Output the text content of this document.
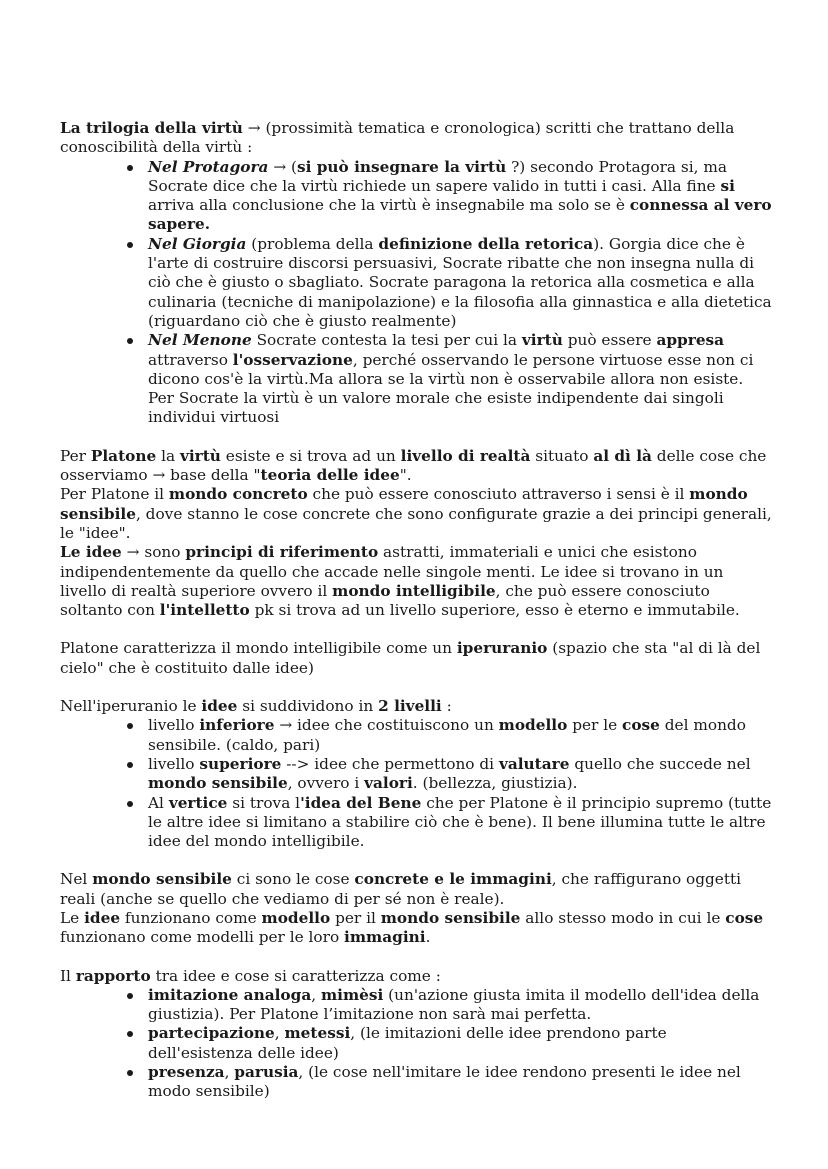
La trilogia della virtù → (prossimità tematica e cronologica) scritti che trattano della conoscibilità della virtù :

Nel Protagora → (si può insegnare la virtù ?) secondo Protagora si, ma Socrate dice che la virtù richiede un sapere valido in tutti i casi. Alla fine si arriva alla conclusione che la virtù è insegnabile ma solo se è connessa al vero sapere.
Nel Giorgia (problema della definizione della retorica). Gorgia dice che è l'arte di costruire discorsi persuasivi, Socrate ribatte che non insegna nulla di ciò che è giusto o sbagliato. Socrate paragona la retorica alla cosmetica e alla culinaria (tecniche di manipolazione) e la filosofia alla ginnastica e alla dietetica (riguardano ciò che è giusto realmente)
Nel Menone Socrate contesta la tesi per cui la virtù può essere appresa attraverso l'osservazione, perché osservando le persone virtuose esse non ci dicono cos'è la virtù.Ma allora se la virtù non è osservabile allora non esiste. Per Socrate la virtù è un valore morale che esiste indipendente dai singoli individui virtuosi

Per Platone la virtù esiste e si trova ad un livello di realtà situato al dì là delle cose che osserviamo → base della "teoria delle idee".

Per Platone il mondo concreto che può essere conosciuto attraverso i sensi è il mondo sensibile, dove stanno le cose concrete che sono configurate grazie a dei principi generali, le "idee".

Le idee → sono principi di riferimento astratti, immateriali e unici che esistono indipendentemente da quello che accade nelle singole menti. Le idee si trovano in un livello di realtà superiore ovvero il mondo intelligibile, che può essere conosciuto soltanto con l'intelletto pk si trova ad un livello superiore, esso è eterno e immutabile.

Platone caratterizza il mondo intelligibile come un iperuranio (spazio che sta "al di là del cielo" che è costituito dalle idee)

Nell'iperuranio le idee si suddividono in 2 livelli :

livello inferiore → idee che costituiscono un modello per le cose del mondo sensibile. (caldo, pari)
livello superiore --> idee che permettono di valutare quello che succede nel mondo sensibile, ovvero i valori. (bellezza, giustizia).
Al vertice si trova l'idea del Bene che per Platone è il principio supremo (tutte le altre idee si limitano a stabilire ciò che è bene). Il bene illumina tutte le altre idee del mondo intelligibile.

Nel mondo sensibile ci sono le cose concrete e le immagini, che raffigurano oggetti reali (anche se quello che vediamo di per sé non è reale).

Le idee funzionano come modello per il mondo sensibile allo stesso modo in cui le cose funzionano come modelli per le loro immagini.

Il rapporto tra idee e cose si caratterizza come :

imitazione analoga, mimèsi (un'azione giusta imita il modello dell'idea della giustizia). Per Platone l’imitazione non sarà mai perfetta.
partecipazione, metessi, (le imitazioni delle idee prendono parte dell'esistenza delle idee)
presenza, parusia, (le cose nell'imitare le idee rendono presenti le idee nel modo sensibile)
